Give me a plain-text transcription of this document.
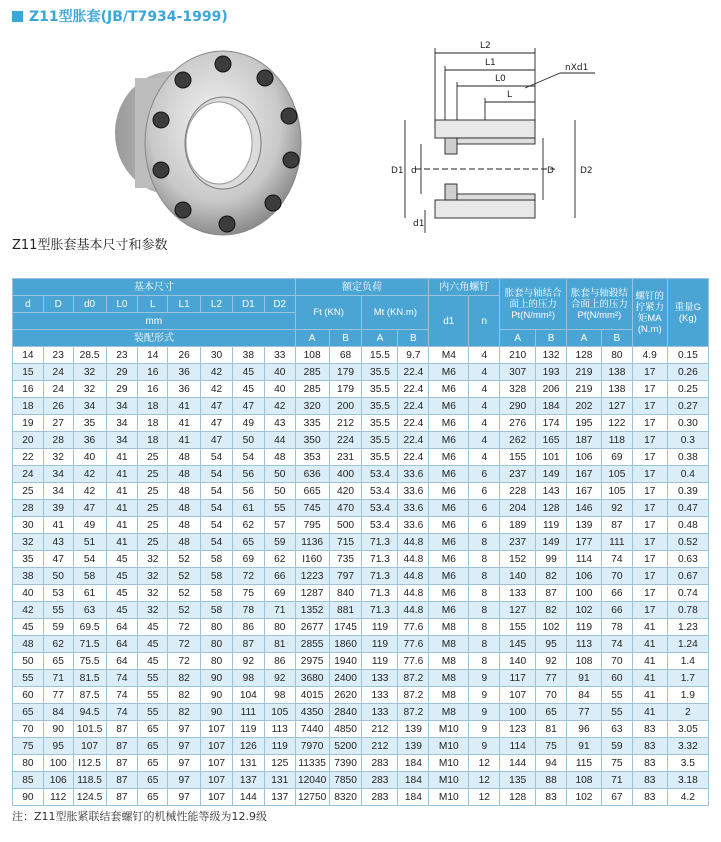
Z11型胀套(JB/T7934-1999)
L2
L1
L0
L
nXd1
D1 d	D	D2
d1
Z11型胀套基本尺寸和参数
基本尺寸									额定负荷				内六角螺钉		胀套与轴结合面上的压力Pt(N/mm²)		胀套与轴毂结合面上的压力Pf(N/mm²)		螺钉的拧紧力矩MA (N.m)	重量G (Kg)
d	D	d0	L0	L	L1	L2	D1	D2	Ft (KN)		Mt (KN.m)		d1	n						
mm																				
装配形式									A	B	A	B			A	B	A	B		
14	23	28.5	23	14	26	30	38	33	108	68	15.5	9.7	M4	4	210	132	128	80	4.9	0.15
15	24	32	29	16	36	42	45	40	285	179	35.5	22.4	M6	4	307	193	219	138	17	0.26
16	24	32	29	16	36	42	45	40	285	179	35.5	22.4	M6	4	328	206	219	138	17	0.25
18	26	34	34	18	41	47	47	42	320	200	35.5	22.4	M6	4	290	184	202	127	17	0.27
19	27	35	34	18	41	47	49	43	335	212	35.5	22.4	M6	4	276	174	195	122	17	0.30
20	28	36	34	18	41	47	50	44	350	224	35.5	22.4	M6	4	262	165	187	118	17	0.3
22	32	40	41	25	48	54	54	48	353	231	35.5	22.4	M6	4	155	101	106	69	17	0.38
24	34	42	41	25	48	54	56	50	636	400	53.4	33.6	M6	6	237	149	167	105	17	0.4
25	34	42	41	25	48	54	56	50	665	420	53.4	33.6	M6	6	228	143	167	105	17	0.39
28	39	47	41	25	48	54	61	55	745	470	53.4	33.6	M6	6	204	128	146	92	17	0.47
30	41	49	41	25	48	54	62	57	795	500	53.4	33.6	M6	6	189	119	139	87	17	0.48
32	43	51	41	25	48	54	65	59	1136	715	71.3	44.8	M6	8	237	149	177	111	17	0.52
35	47	54	45	32	52	58	69	62	I160	735	71.3	44.8	M6	8	152	99	114	74	17	0.63
38	50	58	45	32	52	58	72	66	1223	797	71.3	44.8	M6	8	140	82	106	70	17	0.67
40	53	61	45	32	52	58	75	69	1287	840	71.3	44.8	M6	8	133	87	100	66	17	0.74
42	55	63	45	32	52	58	78	71	1352	881	71.3	44.8	M6	8	127	82	102	66	17	0.78
45	59	69.5	64	45	72	80	86	80	2677	1745	119	77.6	M8	8	155	102	119	78	41	1.23
48	62	71.5	64	45	72	80	87	81	2855	1860	119	77.6	M8	8	145	95	113	74	41	1.24
50	65	75.5	64	45	72	80	92	86	2975	1940	119	77.6	M8	8	140	92	108	70	41	1.4
55	71	81.5	74	55	82	90	98	92	3680	2400	133	87.2	M8	9	117	77	91	60	41	1.7
60	77	87.5	74	55	82	90	104	98	4015	2620	133	87.2	M8	9	107	70	84	55	41	1.9
65	84	94.5	74	55	82	90	111	105	4350	2840	133	87.2	M8	9	100	65	77	55	41	2
70	90	101.5	87	65	97	107	119	113	7440	4850	212	139	M10	9	123	81	96	63	83	3.05
75	95	107	87	65	97	107	126	119	7970	5200	212	139	M10	9	114	75	91	59	83	3.32
80	100	I12.5	87	65	97	107	131	125	11335	7390	283	184	M10	12	144	94	115	75	83	3.5
85	106	118.5	87	65	97	107	137	131	12040	7850	283	184	M10	12	135	88	108	71	83	3.18
90	112	124.5	87	65	97	107	144	137	12750	8320	283	184	M10	12	128	83	102	67	83	4.2
注：Z11型胀紧联结套螺钉的机械性能等级为12.9级
